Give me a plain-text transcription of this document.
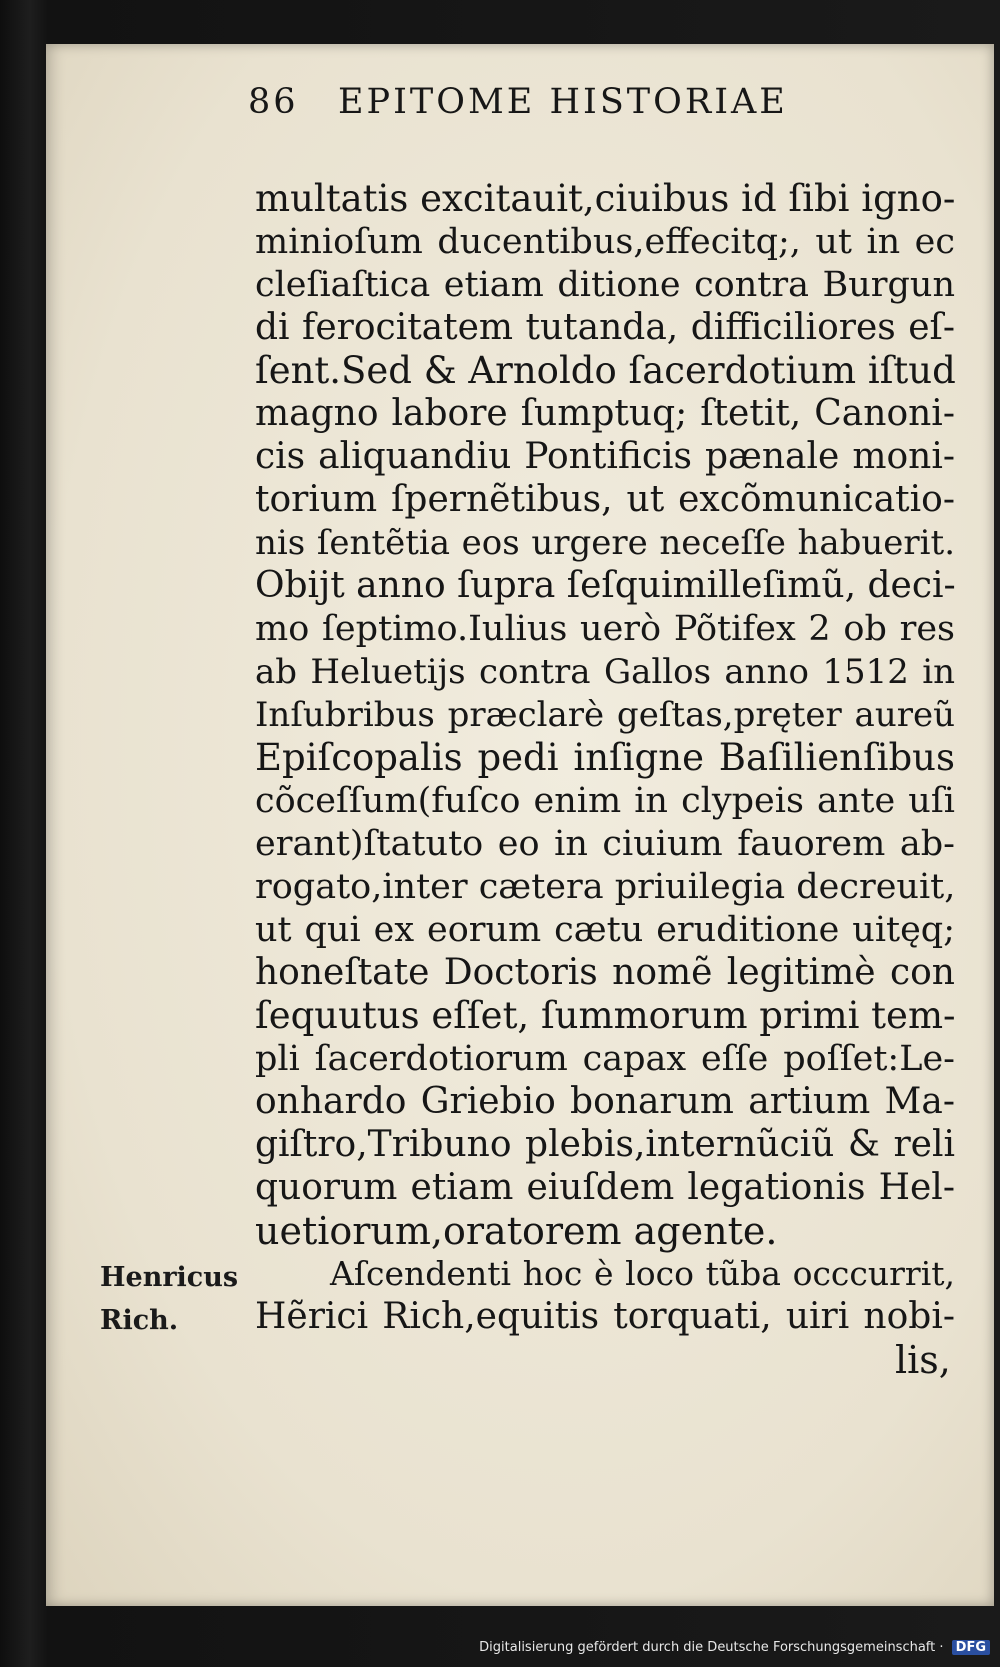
86 EPITOME HISTORIAE
multatis excitauit,ciuibus id ſibi igno-
minioſum ducentibus,effecitq;, ut in ec
cleſiaſtica etiam ditione contra Burgun
di ferocitatem tutanda, difficiliores eſ-
ſent.Sed & Arnoldo ſacerdotium iſtud
magno labore ſumptuq; ſtetit, Canoni-
cis aliquandiu Pontificis pænale moni-
torium ſpernẽtibus, ut excõmunicatio-
nis ſentẽtia eos urgere neceſſe habuerit.
Obijt anno ſupra ſeſquimilleſimũ, deci-
mo ſeptimo.Iulius uerò Põtifex 2 ob res
ab Heluetijs contra Gallos anno 1512 in
Inſubribus præclarè geſtas,pręter aureũ
Epiſcopalis pedi inſigne Baſilienſibus
cõceſſum(fuſco enim in clypeis ante uſi
erant)ſtatuto eo in ciuium fauorem ab-
rogato,inter cætera priuilegia decreuit,
ut qui ex eorum cætu eruditione uitęq;
honeſtate Doctoris nomẽ legitimè con
ſequutus eſſet, ſummorum primi tem-
pli ſacerdotiorum capax eſſe poſſet:Le-
onhardo Griebio bonarum artium Ma-
giſtro,Tribuno plebis,internũciũ & reli
quorum etiam eiuſdem legationis Hel-
uetiorum,oratorem agente.
Aſcendenti hoc è loco tũba occcurrit,
Hẽrici Rich,equitis torquati, uiri nobi-
lis,
Henricus
Rich.
Digitalisierung gefördert durch die Deutsche Forschungsgemeinschaft · DFG
